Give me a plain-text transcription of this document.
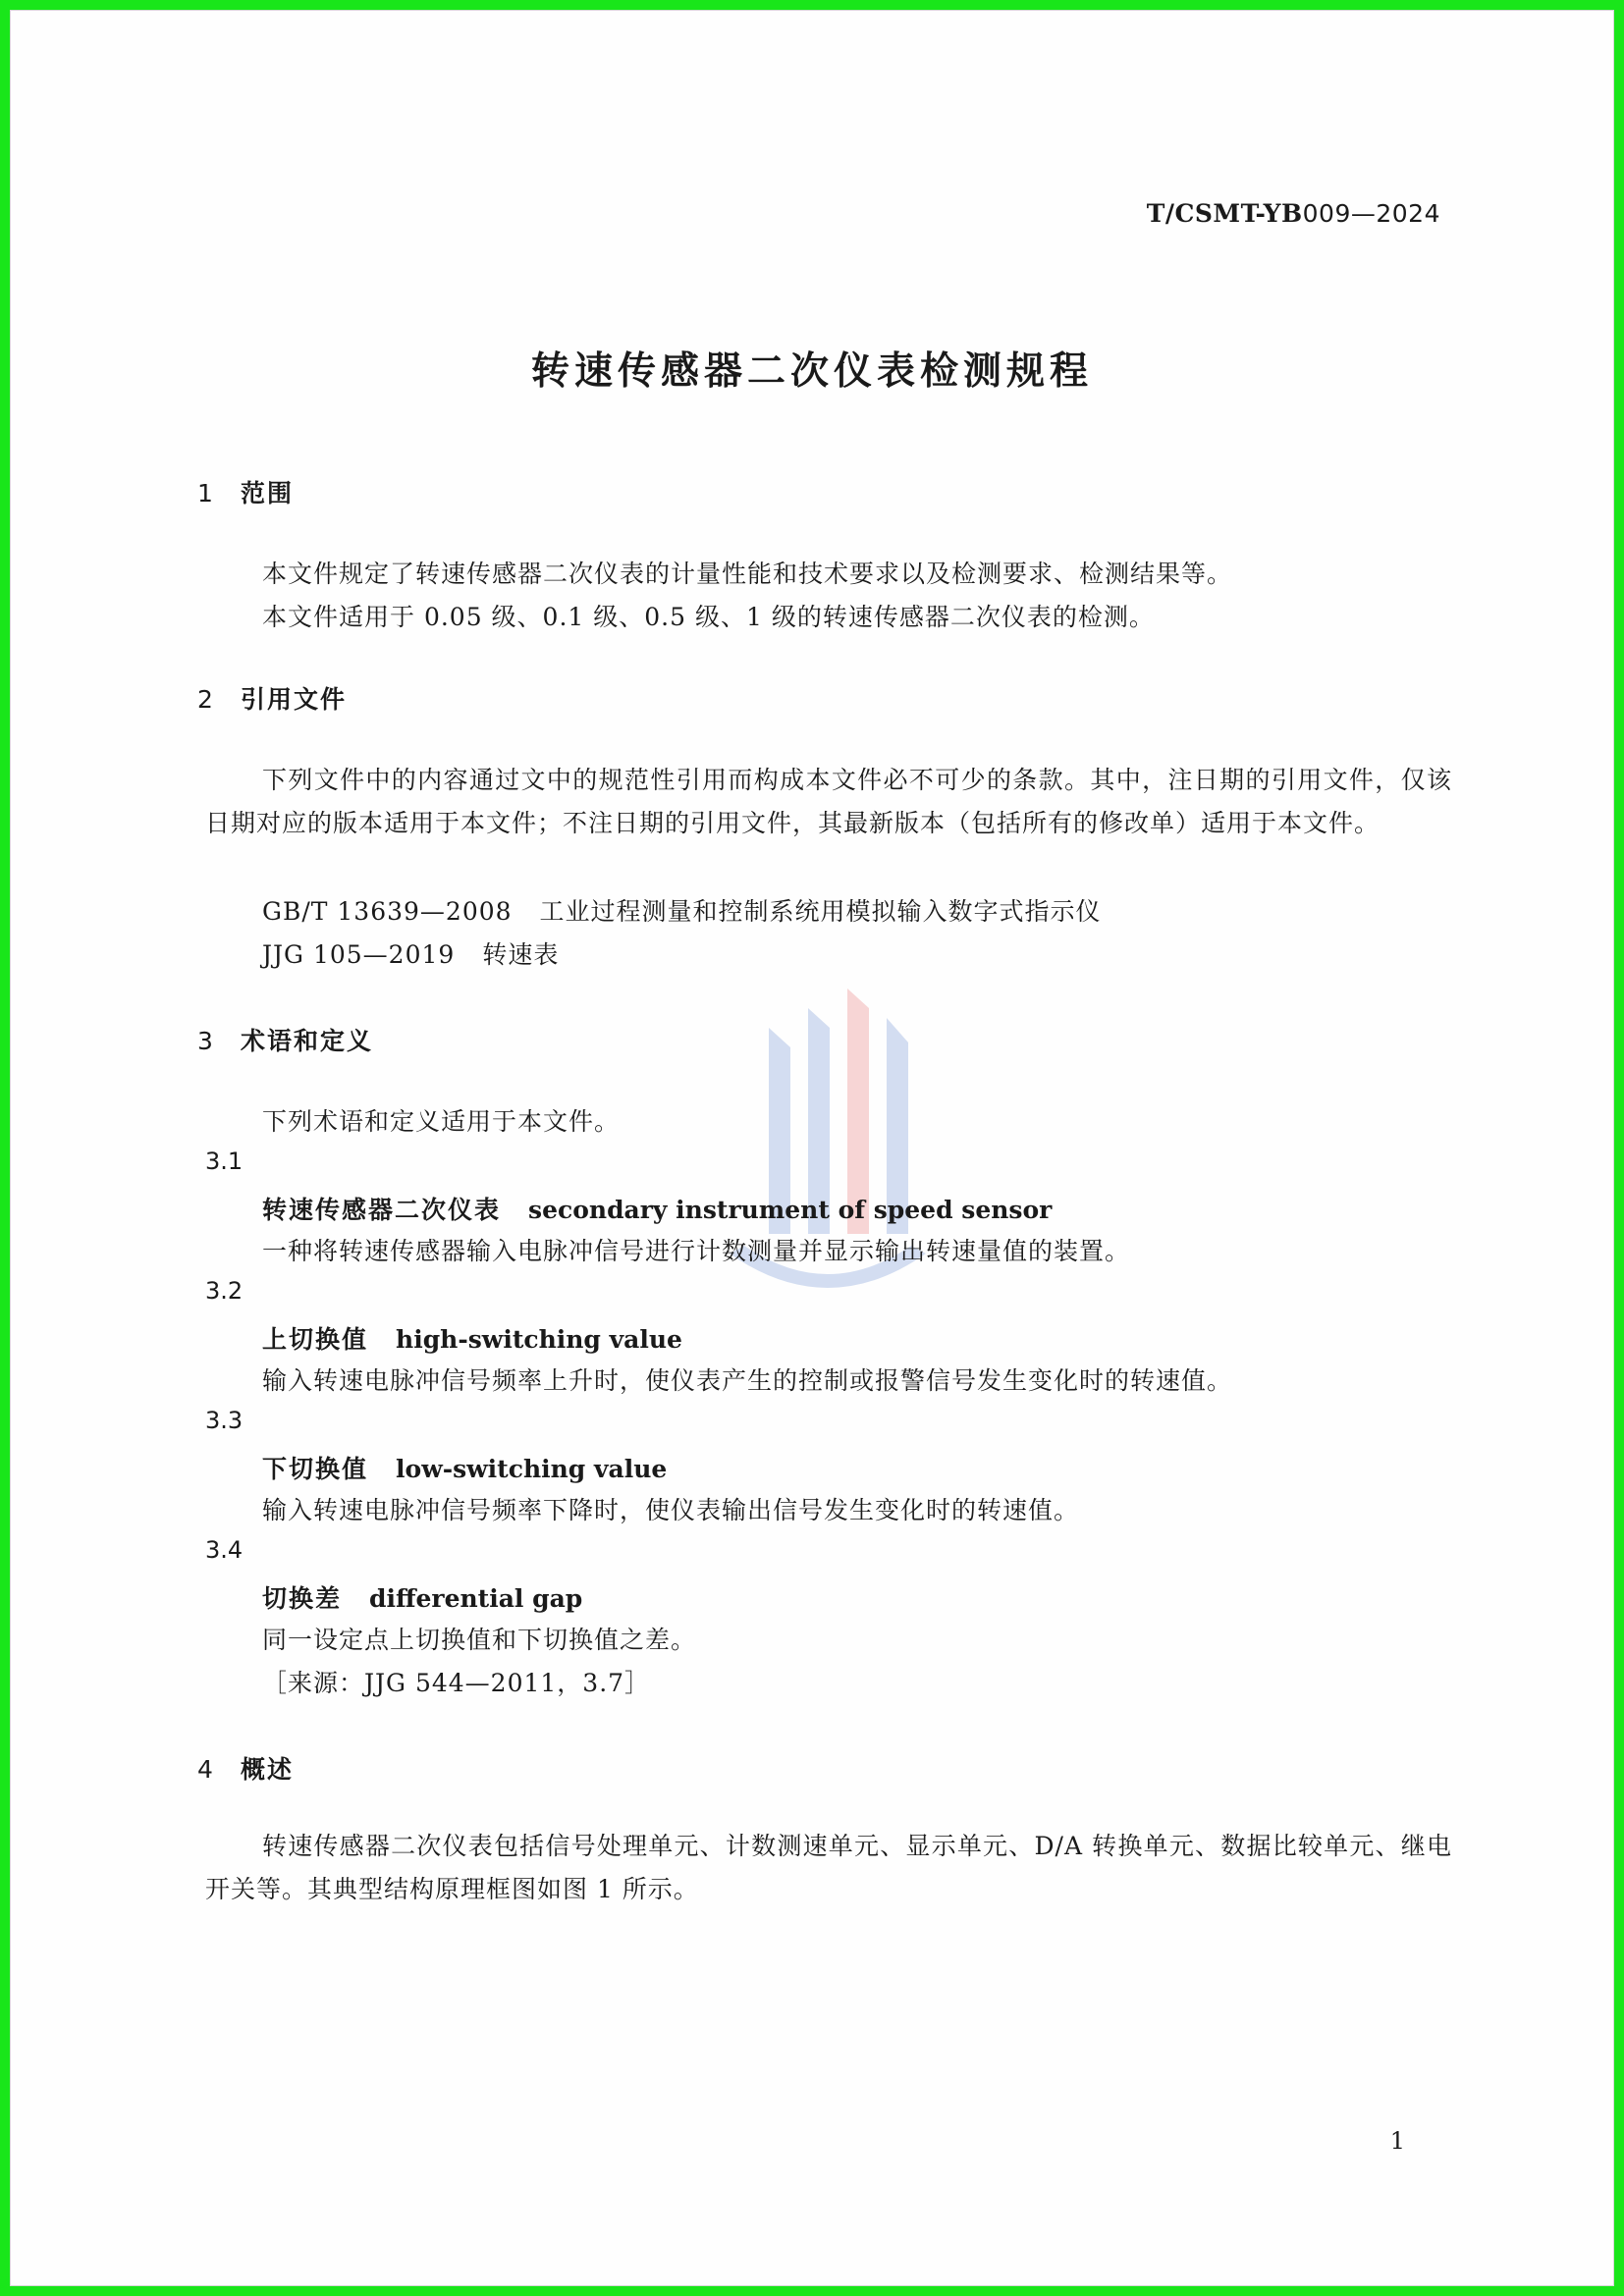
T/CSMT-YB009—2024
转速传感器二次仪表检测规程
1 范围
本文件规定了转速传感器二次仪表的计量性能和技术要求以及检测要求、检测结果等。
本文件适用于 0.05 级、0.1 级、0.5 级、1 级的转速传感器二次仪表的检测。
2 引用文件
下列文件中的内容通过文中的规范性引用而构成本文件必不可少的条款。其中，注日期的引用文件，仅该日期对应的版本适用于本文件；不注日期的引用文件，其最新版本（包括所有的修改单）适用于本文件。
GB/T 13639—2008 工业过程测量和控制系统用模拟输入数字式指示仪
JJG 105—2019 转速表
3 术语和定义
下列术语和定义适用于本文件。
3.1
转速传感器二次仪表 secondary instrument of speed sensor
一种将转速传感器输入电脉冲信号进行计数测量并显示输出转速量值的装置。
3.2
上切换值 high-switching value
输入转速电脉冲信号频率上升时，使仪表产生的控制或报警信号发生变化时的转速值。
3.3
下切换值 low-switching value
输入转速电脉冲信号频率下降时，使仪表输出信号发生变化时的转速值。
3.4
切换差 differential gap
同一设定点上切换值和下切换值之差。
［来源：JJG 544—2011，3.7］
4 概述
转速传感器二次仪表包括信号处理单元、计数测速单元、显示单元、D/A 转换单元、数据比较单元、继电开关等。其典型结构原理框图如图 1 所示。
1
